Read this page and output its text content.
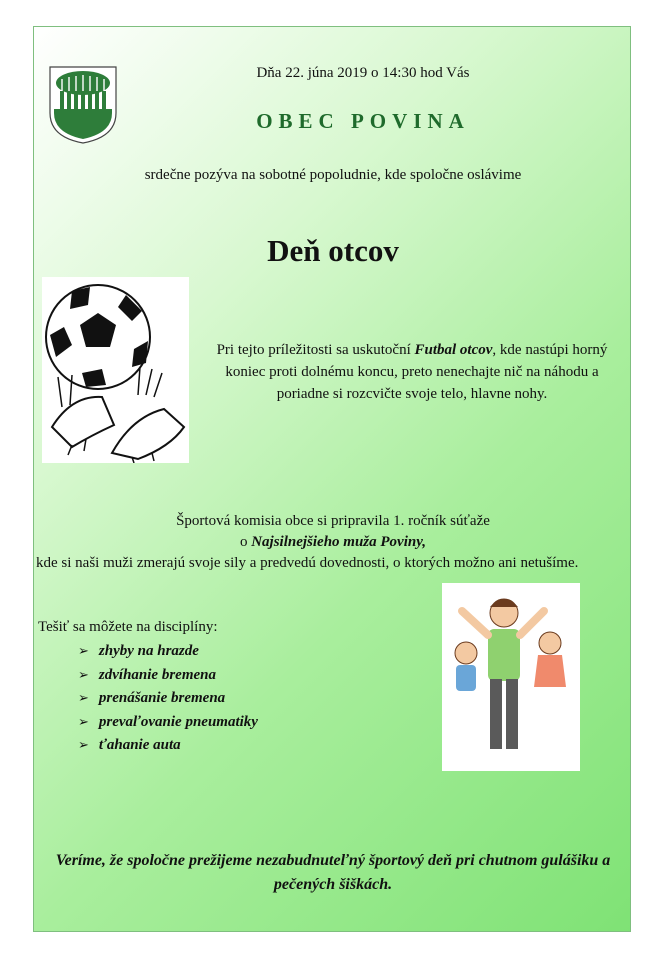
Dňa 22. júna 2019 o 14:30 hod Vás
OBEC POVINA
srdečne pozýva na sobotné popoludnie, kde spoločne oslávime
Deň otcov
Pri tejto príležitosti sa uskutoční Futbal otcov, kde nastúpi horný koniec proti dolnému koncu, preto nenechajte nič na náhodu a poriadne si rozcvičte svoje telo, hlavne nohy.
Športová komisia obce si pripravila 1. ročník súťaže
o Najsilnejšieho muža Poviny,
kde si naši muži zmerajú svoje sily a predvedú dovednosti, o ktorých možno ani netušíme.
Tešiť sa môžete na disciplíny:
➢ zhyby na hrazde
➢ zdvíhanie bremena
➢ prenášanie bremena
➢ prevaľovanie pneumatiky
➢ ťahanie auta
Veríme, že spoločne prežijeme nezabudnuteľný športový deň pri chutnom gulášiku a pečených šiškách.
